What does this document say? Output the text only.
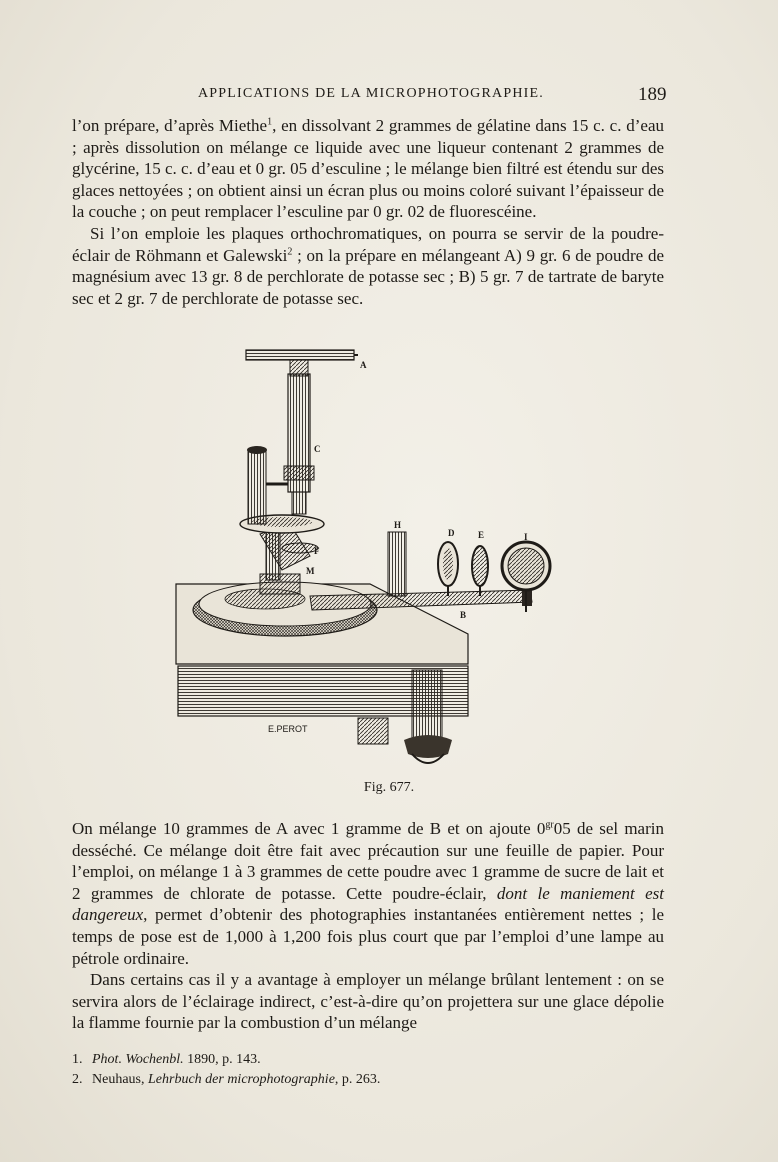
APPLICATIONS DE LA MICROPHOTOGRAPHIE.	189

l’on prépare, d’après Miethe$^1$, en dissolvant 2 grammes de gélatine dans 15 c. c. d’eau ; après dissolution on mélange ce liquide avec une liqueur contenant 2 grammes de glycérine, 15 c. c. d’eau et 0 gr. 05 d’esculine ; le mélange bien filtré est étendu sur des glaces nettoyées ; on obtient ainsi un écran plus ou moins coloré suivant l’épaisseur de la couche ; on peut remplacer l’esculine par 0 gr. 02 de fluorescéine.

Si l’on emploie les plaques orthochromatiques, on pourra se servir de la poudre-éclair de Röhmann et Galewski$^2$ ; on la prépare en mélangeant A) 9 gr. 6 de poudre de magnésium avec 13 gr. 8 de perchlorate de potasse sec ; B) 5 gr. 7 de tartrate de baryte sec et 2 gr. 7 de perchlorate de potasse sec.

E.PEROT
A
C
F
M
H
D	E	I
B
Fig. 677.

On mélange 10 grammes de A avec 1 gramme de B et on ajoute $0^{gr}05$ de sel marin desséché. Ce mélange doit être fait avec précaution sur une feuille de papier. Pour l’emploi, on mélange 1 à 3 grammes de cette poudre avec 1 gramme de sucre de lait et 2 grammes de chlorate de potasse. Cette poudre-éclair, dont le maniement est dangereux, permet d’obtenir des photographies instantanées entièrement nettes ; le temps de pose est de 1,000 à 1,200 fois plus court que par l’emploi d’une lampe au pétrole ordinaire.

Dans certains cas il y a avantage à employer un mélange brûlant lentement : on se servira alors de l’éclairage indirect, c’est-à-dire qu’on projettera sur une glace dépolie la flamme fournie par la combustion d’un mélange

1. Phot. Wochenbl. 1890, p. 143.
2. Neuhaus, Lehrbuch der microphotographie, p. 263.
